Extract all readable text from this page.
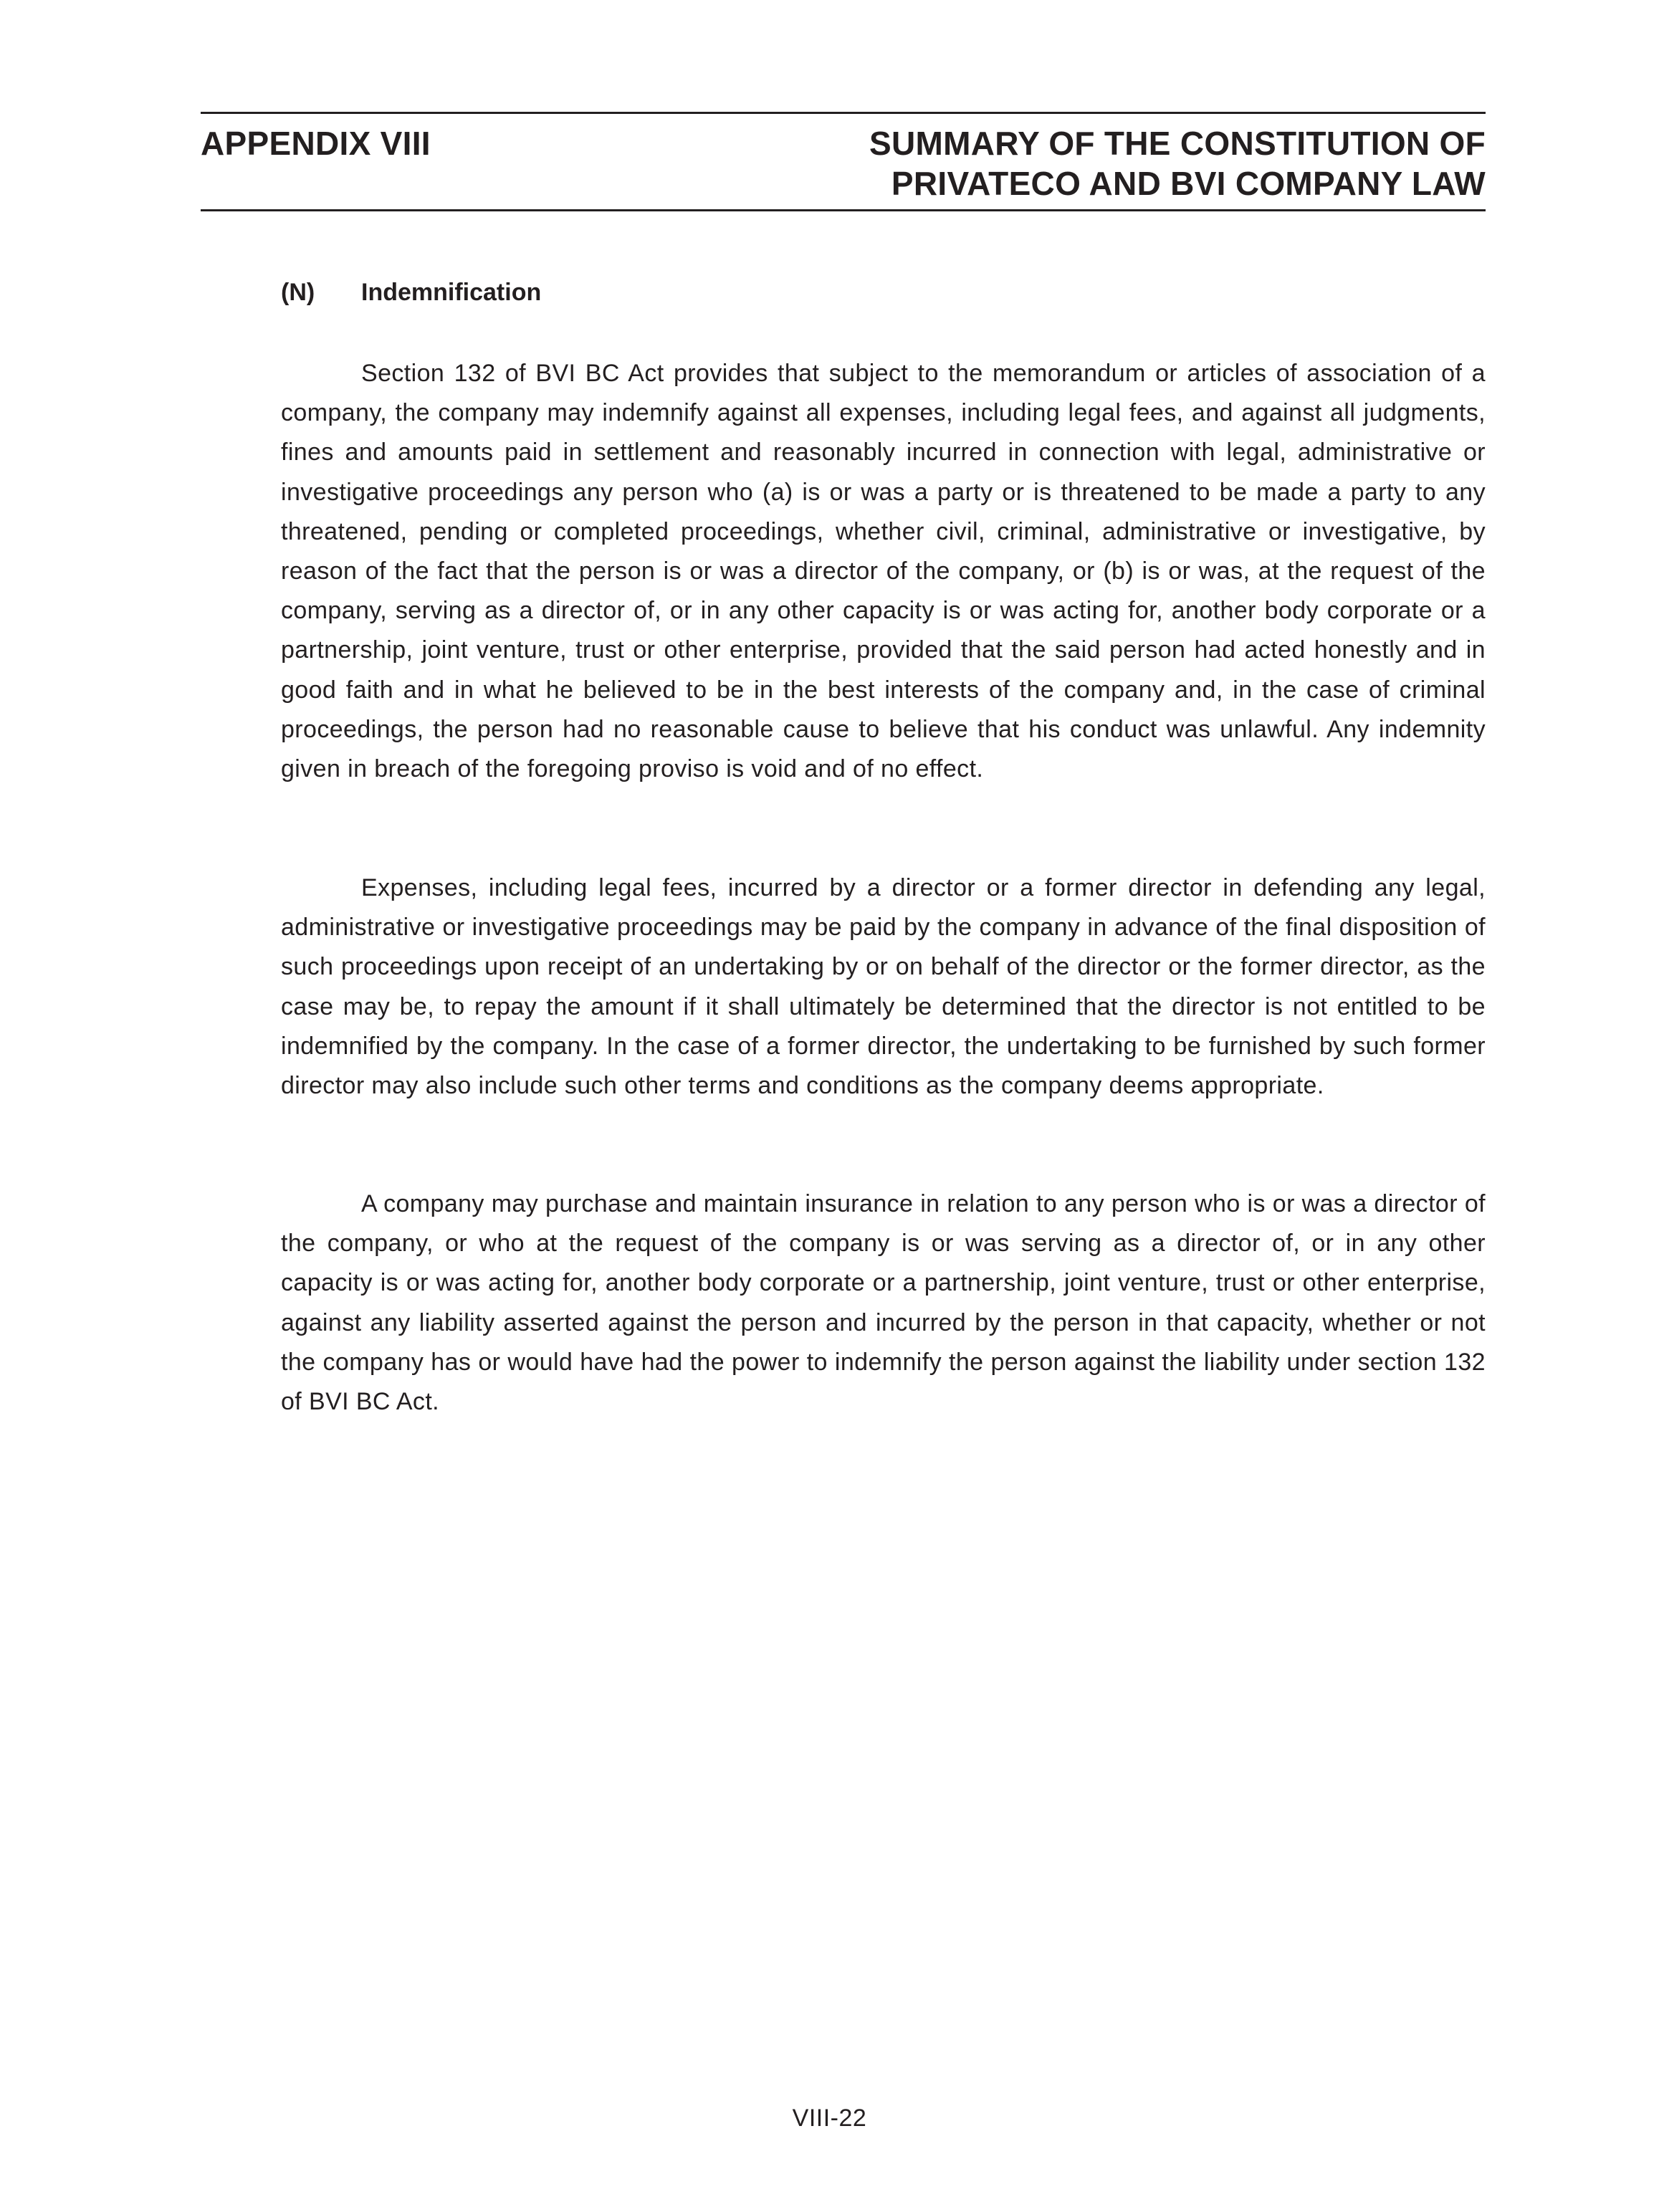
APPENDIX VIII	SUMMARY OF THE CONSTITUTION OF
PRIVATECO AND BVI COMPANY LAW
(N) Indemnification

Section 132 of BVI BC Act provides that subject to the memorandum or articles of association of a company, the company may indemnify against all expenses, including legal fees, and against all judgments, fines and amounts paid in settlement and reasonably incurred in connection with legal, administrative or investigative proceedings any person who (a) is or was a party or is threatened to be made a party to any threatened, pending or completed proceedings, whether civil, criminal, administrative or investigative, by reason of the fact that the person is or was a director of the company, or (b) is or was, at the request of the company, serving as a director of, or in any other capacity is or was acting for, another body corporate or a partnership, joint venture, trust or other enterprise, provided that the said person had acted honestly and in good faith and in what he believed to be in the best interests of the company and, in the case of criminal proceedings, the person had no reasonable cause to believe that his conduct was unlawful. Any indemnity given in breach of the foregoing proviso is void and of no effect.

Expenses, including legal fees, incurred by a director or a former director in defending any legal, administrative or investigative proceedings may be paid by the company in advance of the final disposition of such proceedings upon receipt of an undertaking by or on behalf of the director or the former director, as the case may be, to repay the amount if it shall ultimately be determined that the director is not entitled to be indemnified by the company. In the case of a former director, the undertaking to be furnished by such former director may also include such other terms and conditions as the company deems appropriate.

A company may purchase and maintain insurance in relation to any person who is or was a director of the company, or who at the request of the company is or was serving as a director of, or in any other capacity is or was acting for, another body corporate or a partnership, joint venture, trust or other enterprise, against any liability asserted against the person and incurred by the person in that capacity, whether or not the company has or would have had the power to indemnify the person against the liability under section 132 of BVI BC Act.

VIII-22
